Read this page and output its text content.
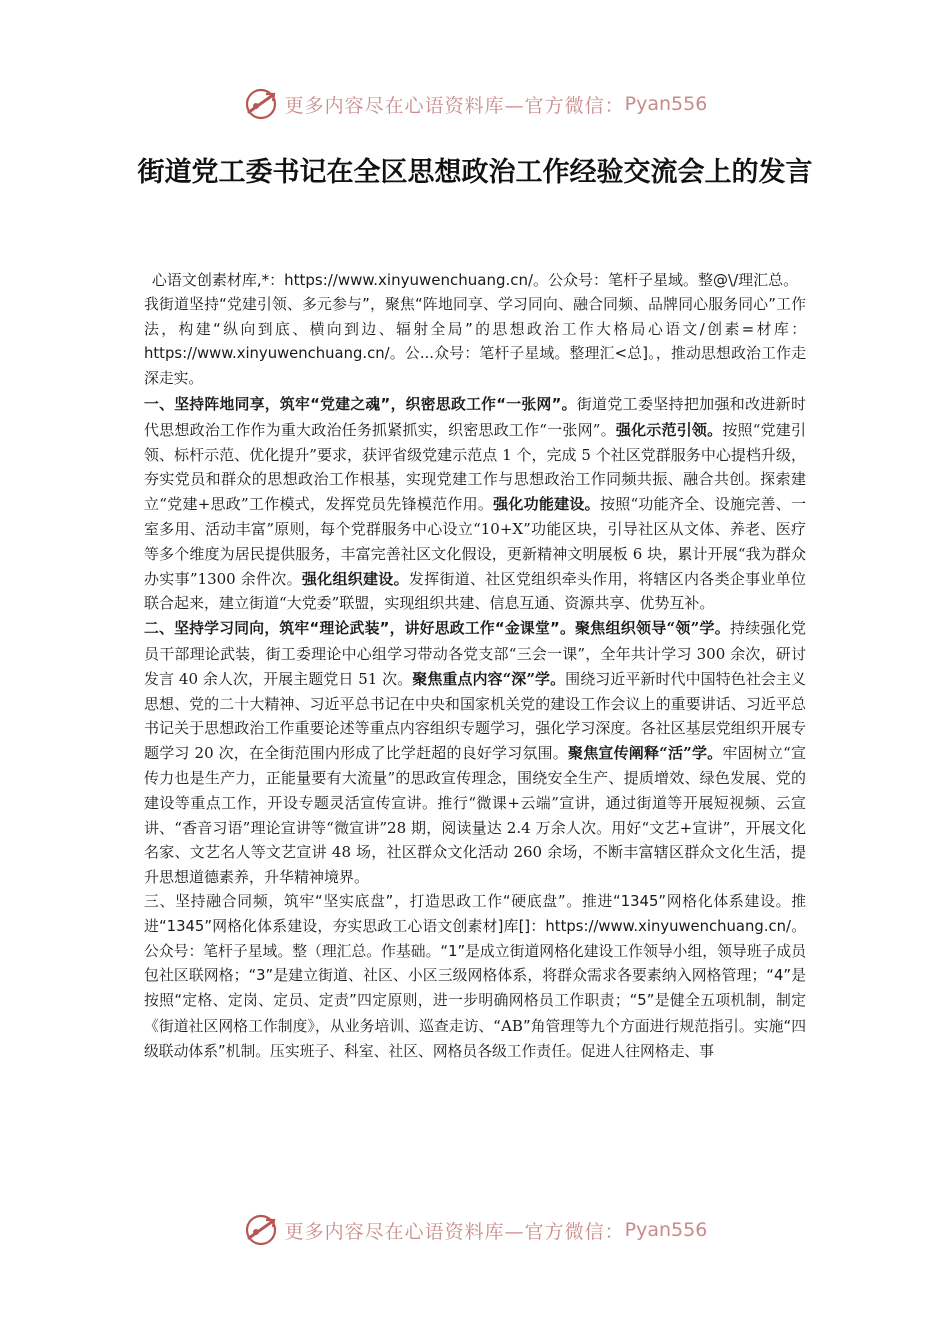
更多内容尽在心语资料库—官方微信： Pyan556
街道党工委书记在全区思想政治工作经验交流会上的发言

心语文创素材库,*：https://www.xinyuwenchuang.cn/。公众号：笔杆子星域。整@\/理汇总。

我街道坚持“党建引领、多元参与”，聚焦“阵地同享、学习同向、融合同频、品牌同心服务同心”工作法，构建“纵向到底、横向到边、辐射全局”的思想政治工作大格局心语文/创素=材库：https://www.xinyuwenchuang.cn/。公...众号：笔杆子星域。整理汇<总]。，推动思想政治工作走深走实。

一、坚持阵地同享，筑牢“党建之魂”，织密思政工作“一张网”。街道党工委坚持把加强和改进新时代思想政治工作作为重大政治任务抓紧抓实，织密思政工作“一张网”。强化示范引领。按照“党建引领、标杆示范、优化提升”要求，获评省级党建示范点 1 个，完成 5 个社区党群服务中心提档升级，夯实党员和群众的思想政治工作根基，实现党建工作与思想政治工作同频共振、融合共创。探索建立“党建+思政”工作模式，发挥党员先锋模范作用。强化功能建设。按照“功能齐全、设施完善、一室多用、活动丰富”原则，每个党群服务中心设立“10+X”功能区块，引导社区从文体、养老、医疗等多个维度为居民提供服务，丰富完善社区文化假设，更新精神文明展板 6 块，累计开展“我为群众办实事”1300 余件次。强化组织建设。发挥街道、社区党组织牵头作用，将辖区内各类企事业单位联合起来，建立街道“大党委”联盟，实现组织共建、信息互通、资源共享、优势互补。

二、坚持学习同向，筑牢“理论武装”，讲好思政工作“金课堂”。聚焦组织领导“领”学。持续强化党员干部理论武装，街工委理论中心组学习带动各党支部“三会一课”，全年共计学习 300 余次，研讨发言 40 余人次，开展主题党日 51 次。聚焦重点内容“深”学。围绕习近平新时代中国特色社会主义思想、党的二十大精神、习近平总书记在中央和国家机关党的建设工作会议上的重要讲话、习近平总书记关于思想政治工作重要论述等重点内容组织专题学习，强化学习深度。各社区基层党组织开展专题学习 20 次，在全街范围内形成了比学赶超的良好学习氛围。聚焦宣传阐释“活”学。牢固树立“宣传力也是生产力，正能量要有大流量”的思政宣传理念，围绕安全生产、提质增效、绿色发展、党的建设等重点工作，开设专题灵活宣传宣讲。推行“微课+云端”宣讲，通过街道等开展短视频、云宣讲、“香音习语”理论宣讲等“微宣讲”28 期，阅读量达 2.4 万余人次。用好“文艺+宣讲”，开展文化名家、文艺名人等文艺宣讲 48 场，社区群众文化活动 260 余场，不断丰富辖区群众文化生活，提升思想道德素养，升华精神境界。

三、坚持融合同频，筑牢“坚实底盘”，打造思政工作“硬底盘”。推进“1345”网格化体系建设。推进“1345”网格化体系建设，夯实思政工心语文创素材]库[]：https://www.xinyuwenchuang.cn/。公众号：笔杆子星域。整（理汇总。作基础。“1”是成立街道网格化建设工作领导小组，领导班子成员包社区联网格；“3”是建立街道、社区、小区三级网格体系，将群众需求各要素纳入网格管理；“4”是按照“定格、定岗、定员、定责”四定原则，进一步明确网格员工作职责；“5”是健全五项机制，制定《街道社区网格工作制度》，从业务培训、巡查走访、“AB”角管理等九个方面进行规范指引。实施“四级联动体系”机制。压实班子、科室、社区、网格员各级工作责任。促进人往网格走、事

更多内容尽在心语资料库—官方微信： Pyan556
